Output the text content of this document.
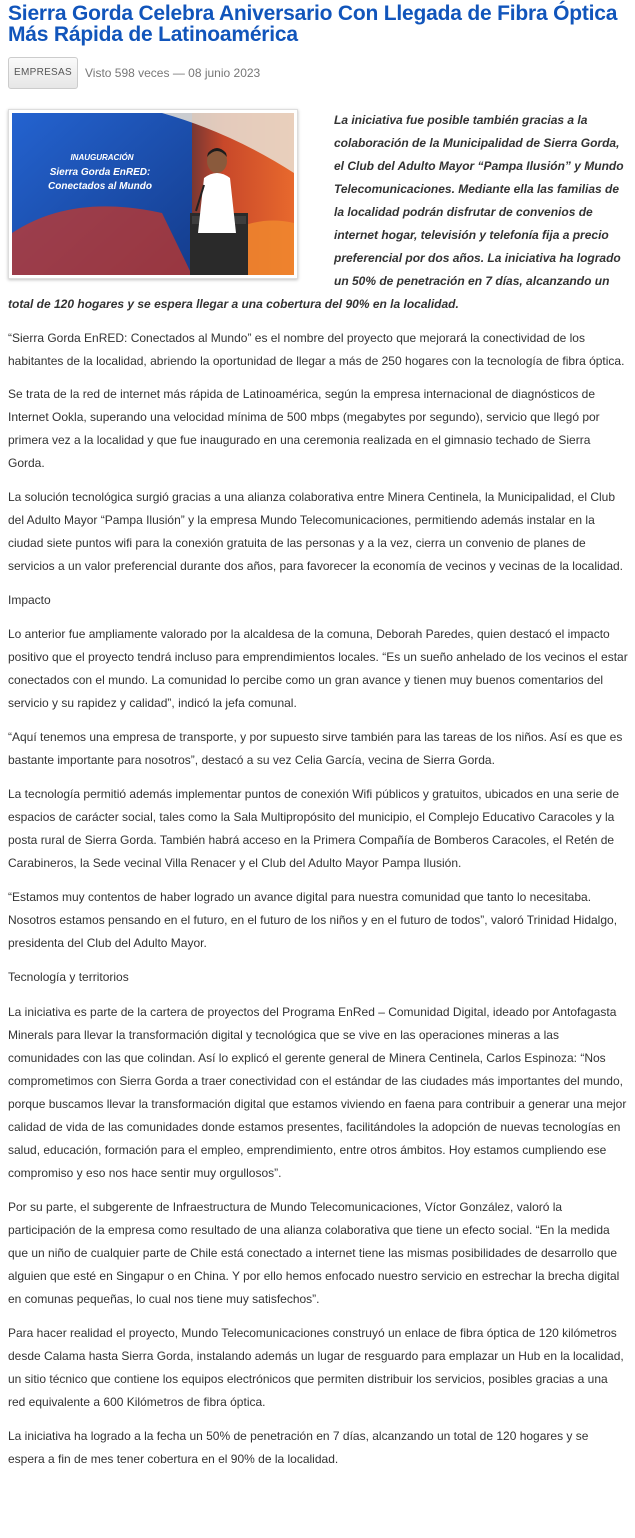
Sierra Gorda Celebra Aniversario Con Llegada de Fibra Óptica Más Rápida de Latinoamérica
EMPRESAS	Visto 598 veces — 08 junio 2023
INAUGURACIÓN
Sierra Gorda EnRED:
Conectados al Mundo

La iniciativa fue posible también gracias a la colaboración de la Municipalidad de Sierra Gorda, el Club del Adulto Mayor “Pampa Ilusión” y Mundo Telecomunicaciones. Mediante ella las familias de la localidad podrán disfrutar de convenios de internet hogar, televisión y telefonía fija a precio preferencial por dos años. La iniciativa ha logrado un 50% de penetración en 7 días, alcanzando un total de 120 hogares y se espera llegar a una cobertura del 90% en la localidad.

“Sierra Gorda EnRED: Conectados al Mundo” es el nombre del proyecto que mejorará la conectividad de los habitantes de la localidad, abriendo la oportunidad de llegar a más de 250 hogares con la tecnología de fibra óptica.

Se trata de la red de internet más rápida de Latinoamérica, según la empresa internacional de diagnósticos de Internet Ookla, superando una velocidad mínima de 500 mbps (megabytes por segundo), servicio que llegó por primera vez a la localidad y que fue inaugurado en una ceremonia realizada en el gimnasio techado de Sierra Gorda.

La solución tecnológica surgió gracias a una alianza colaborativa entre Minera Centinela, la Municipalidad, el Club del Adulto Mayor “Pampa Ilusión” y la empresa Mundo Telecomunicaciones, permitiendo además instalar en la ciudad siete puntos wifi para la conexión gratuita de las personas y a la vez, cierra un convenio de planes de servicios a un valor preferencial durante dos años, para favorecer la economía de vecinos y vecinas de la localidad.

Impacto

Lo anterior fue ampliamente valorado por la alcaldesa de la comuna, Deborah Paredes, quien destacó el impacto positivo que el proyecto tendrá incluso para emprendimientos locales. “Es un sueño anhelado de los vecinos el estar conectados con el mundo. La comunidad lo percibe como un gran avance y tienen muy buenos comentarios del servicio y su rapidez y calidad”, indicó la jefa comunal.

“Aquí tenemos una empresa de transporte, y por supuesto sirve también para las tareas de los niños. Así es que es bastante importante para nosotros”, destacó a su vez Celia García, vecina de Sierra Gorda.

La tecnología permitió además implementar puntos de conexión Wifi públicos y gratuitos, ubicados en una serie de espacios de carácter social, tales como la Sala Multipropósito del municipio, el Complejo Educativo Caracoles y la posta rural de Sierra Gorda. También habrá acceso en la Primera Compañía de Bomberos Caracoles, el Retén de Carabineros, la Sede vecinal Villa Renacer y el Club del Adulto Mayor Pampa Ilusión.

“Estamos muy contentos de haber logrado un avance digital para nuestra comunidad que tanto lo necesitaba. Nosotros estamos pensando en el futuro, en el futuro de los niños y en el futuro de todos”, valoró Trinidad Hidalgo, presidenta del Club del Adulto Mayor.

Tecnología y territorios

La iniciativa es parte de la cartera de proyectos del Programa EnRed – Comunidad Digital, ideado por Antofagasta Minerals para llevar la transformación digital y tecnológica que se vive en las operaciones mineras a las comunidades con las que colindan. Así lo explicó el gerente general de Minera Centinela, Carlos Espinoza: “Nos comprometimos con Sierra Gorda a traer conectividad con el estándar de las ciudades más importantes del mundo, porque buscamos llevar la transformación digital que estamos viviendo en faena para contribuir a generar una mejor calidad de vida de las comunidades donde estamos presentes, facilitándoles la adopción de nuevas tecnologías en salud, educación, formación para el empleo, emprendimiento, entre otros ámbitos. Hoy estamos cumpliendo ese compromiso y eso nos hace sentir muy orgullosos”.

Por su parte, el subgerente de Infraestructura de Mundo Telecomunicaciones, Víctor González, valoró la participación de la empresa como resultado de una alianza colaborativa que tiene un efecto social. “En la medida que un niño de cualquier parte de Chile está conectado a internet tiene las mismas posibilidades de desarrollo que alguien que esté en Singapur o en China. Y por ello hemos enfocado nuestro servicio en estrechar la brecha digital en comunas pequeñas, lo cual nos tiene muy satisfechos”.

Para hacer realidad el proyecto, Mundo Telecomunicaciones construyó un enlace de fibra óptica de 120 kilómetros desde Calama hasta Sierra Gorda, instalando además un lugar de resguardo para emplazar un Hub en la localidad, un sitio técnico que contiene los equipos electrónicos que permiten distribuir los servicios, posibles gracias a una red equivalente a 600 Kilómetros de fibra óptica.

La iniciativa ha logrado a la fecha un 50% de penetración en 7 días, alcanzando un total de 120 hogares y se espera a fin de mes tener cobertura en el 90% de la localidad.
